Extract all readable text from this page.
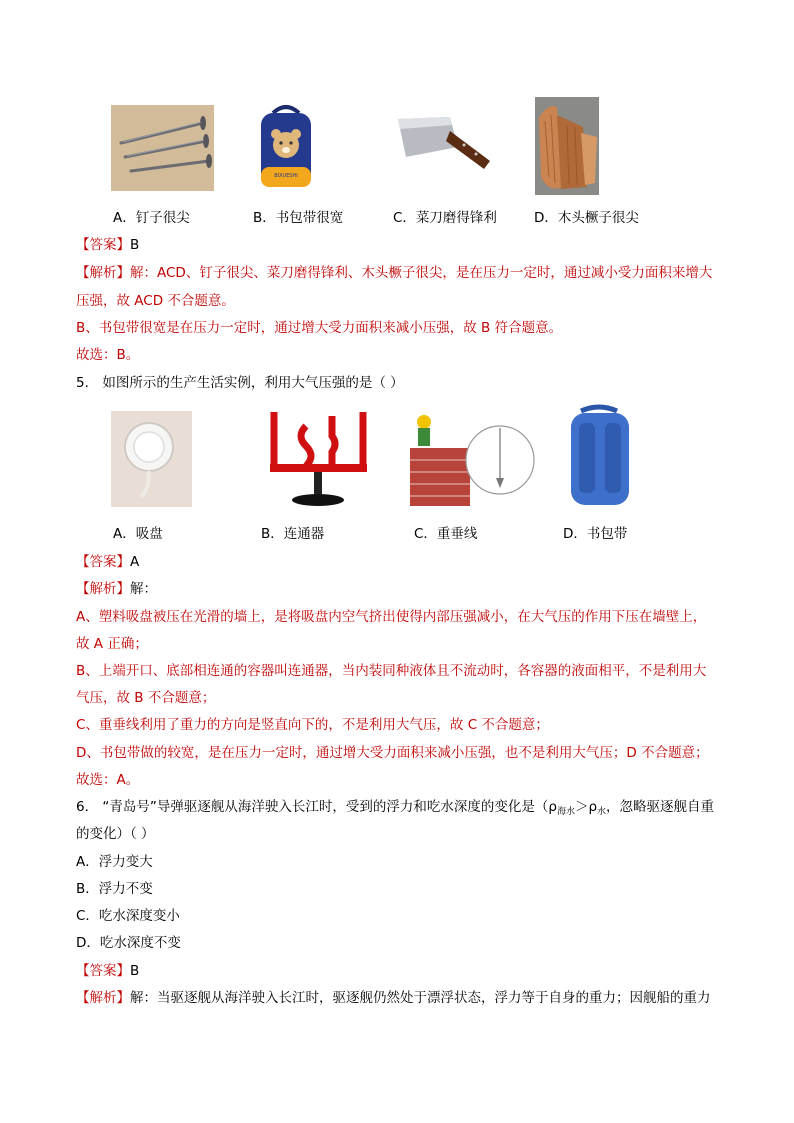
BIXUESHI
A．钉子很尖	B．书包带很宽	C．菜刀磨得锋利	D．木头橛子很尖
【答案】B
【解析】解：ACD、钉子很尖、菜刀磨得锋利、木头橛子很尖，是在压力一定时，通过减小受力面积来增大
压强，故 ACD 不合题意。
B、书包带很宽是在压力一定时，通过增大受力面积来减小压强，故 B 符合题意。
故选：B。
5． 如图所示的生产生活实例，利用大气压强的是（ ）
A．吸盘	B．连通器	C．重垂线	D．书包带
【答案】A
【解析】解：
A、塑料吸盘被压在光滑的墙上，是将吸盘内空气挤出使得内部压强减小，在大气压的作用下压在墙壁上，
故 A 正确；
B、上端开口、底部相连通的容器叫连通器，当内装同种液体且不流动时，各容器的液面相平，不是利用大
气压，故 B 不合题意；
C、重垂线利用了重力的方向是竖直向下的，不是利用大气压，故 C 不合题意；
D、书包带做的较宽，是在压力一定时，通过增大受力面积来减小压强，也不是利用大气压；D 不合题意；
故选：A。
6． “青岛号”导弹驱逐舰从海洋驶入长江时，受到的浮力和吃水深度的变化是（$\rho_{海水}>\rho_水$，忽略驱逐舰自重
的变化）（ ）
A．浮力变大
B．浮力不变
C．吃水深度变小
D．吃水深度不变
【答案】B
【解析】解：当驱逐舰从海洋驶入长江时，驱逐舰仍然处于漂浮状态，浮力等于自身的重力；因舰船的重力
